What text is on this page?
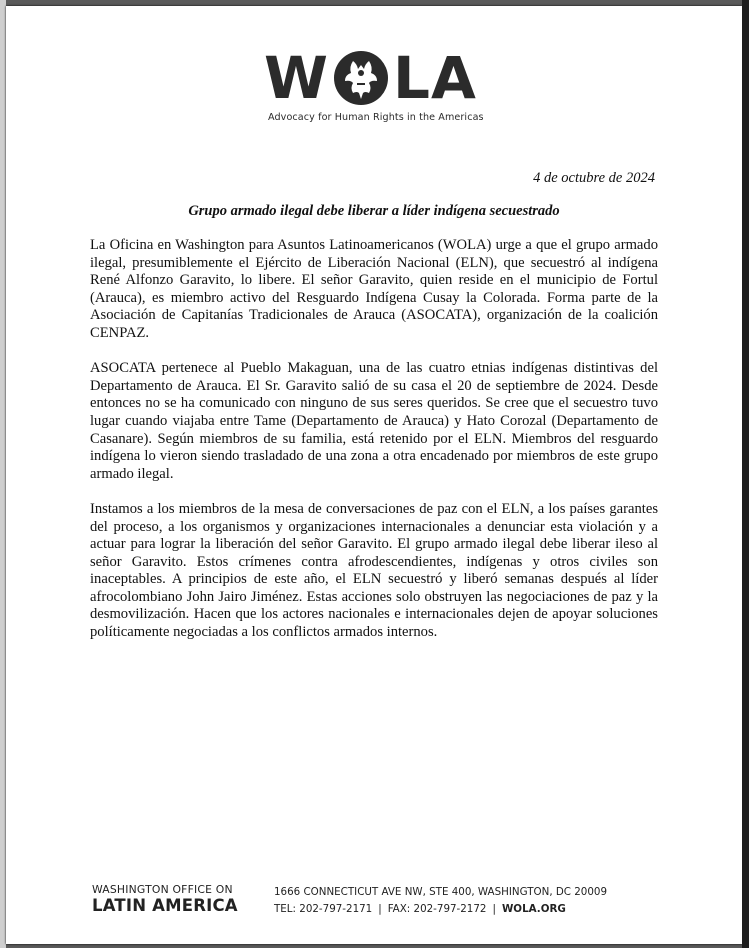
W LA
Advocacy for Human Rights in the Americas
4 de octubre de 2024
Grupo armado ilegal debe liberar a líder indígena secuestrado

La Oficina en Washington para Asuntos Latinoamericanos (WOLA) urge a que el grupo armado ilegal, presumiblemente el Ejército de Liberación Nacional (ELN), que secuestró al indígena René Alfonzo Garavito, lo libere. El señor Garavito, quien reside en el municipio de Fortul (Arauca), es miembro activo del Resguardo Indígena Cusay la Colorada. Forma parte de la Asociación de Capitanías Tradicionales de Arauca (ASOCATA), organización de la coalición CENPAZ.

ASOCATA pertenece al Pueblo Makaguan, una de las cuatro etnias indígenas distintivas del Departamento de Arauca. El Sr. Garavito salió de su casa el 20 de septiembre de 2024. Desde entonces no se ha comunicado con ninguno de sus seres queridos. Se cree que el secuestro tuvo lugar cuando viajaba entre Tame (Departamento de Arauca) y Hato Corozal (Departamento de Casanare). Según miembros de su familia, está retenido por el ELN. Miembros del resguardo indígena lo vieron siendo trasladado de una zona a otra encadenado por miembros de este grupo armado ilegal.

Instamos a los miembros de la mesa de conversaciones de paz con el ELN, a los países garantes del proceso, a los organismos y organizaciones internacionales a denunciar esta violación y a actuar para lograr la liberación del señor Garavito. El grupo armado ilegal debe liberar ileso al señor Garavito. Estos crímenes contra afrodescendientes, indígenas y otros civiles son inaceptables. A principios de este año, el ELN secuestró y liberó semanas después al líder afrocolombiano John Jairo Jiménez. Estas acciones solo obstruyen las negociaciones de paz y la desmovilización. Hacen que los actores nacionales e internacionales dejen de apoyar soluciones políticamente negociadas a los conflictos armados internos.

WASHINGTON OFFICE ON
LATIN AMERICA
1666 CONNECTICUT AVE NW, STE 400, WASHINGTON, DC 20009
TEL: 202-797-2171 | FAX: 202-797-2172 | WOLA.ORG
